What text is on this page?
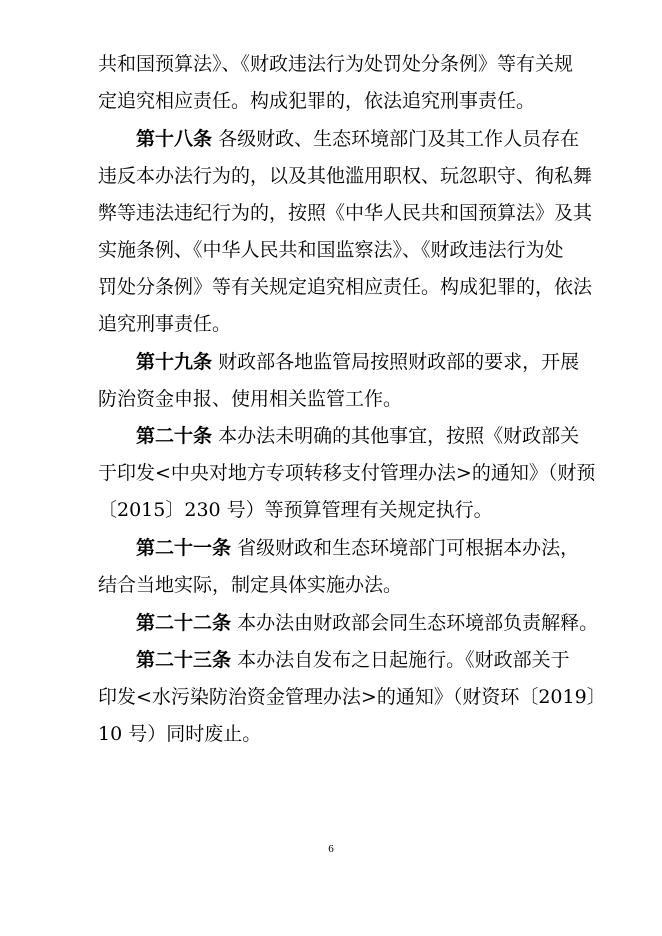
共和国预算法》、《财政违法行为处罚处分条例》等有关规
定追究相应责任。构成犯罪的，依法追究刑事责任。
第十八条 各级财政、生态环境部门及其工作人员存在
违反本办法行为的，以及其他滥用职权、玩忽职守、徇私舞
弊等违法违纪行为的，按照《中华人民共和国预算法》及其
实施条例、《中华人民共和国监察法》、《财政违法行为处
罚处分条例》等有关规定追究相应责任。构成犯罪的，依法
追究刑事责任。
第十九条 财政部各地监管局按照财政部的要求，开展
防治资金申报、使用相关监管工作。
第二十条 本办法未明确的其他事宜，按照《财政部关
于印发<中央对地方专项转移支付管理办法>的通知》（财预
〔2015〕230 号）等预算管理有关规定执行。
第二十一条 省级财政和生态环境部门可根据本办法，
结合当地实际，制定具体实施办法。
第二十二条 本办法由财政部会同生态环境部负责解释。
第二十三条 本办法自发布之日起施行。《财政部关于
印发<水污染防治资金管理办法>的通知》（财资环〔2019〕
10 号）同时废止。
6
